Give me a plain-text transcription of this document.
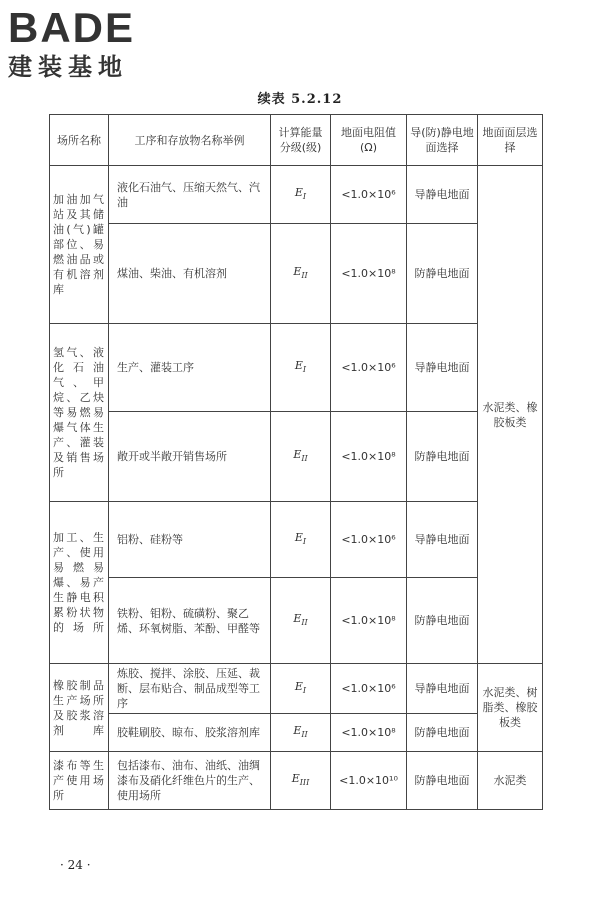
BADE
建装基地
续表 5.2.12
场所名称	工序和存放物名称举例	计算能量分级(级)	地面电阻值(Ω)	导(防)静电地面选择	地面面层选择
加油加气站及其储油(气)罐部位、易燃油品或有机溶剂库	液化石油气、压缩天然气、汽油	$E_I$	<1.0×10⁶	导静电地面	水泥类、橡胶板类
	煤油、柴油、有机溶剂	$E_{II}$	<1.0×10⁸	防静电地面	
氢气、液化石油气、甲烷、乙炔等易燃易爆气体生产、灌装及销售场所	生产、灌装工序	$E_I$	<1.0×10⁶	导静电地面	
	敞开或半敞开销售场所	$E_{II}$	<1.0×10⁸	防静电地面	
加工、生产、使用易燃易爆、易产生静电积累粉状物的场所	铝粉、硅粉等	$E_I$	<1.0×10⁶	导静电地面	
	铁粉、钼粉、硫磺粉、聚乙烯、环氧树脂、苯酚、甲醛等	$E_{II}$	<1.0×10⁸	防静电地面	
橡胶制品生产场所及胶浆溶剂库	炼胶、搅拌、涂胶、压延、裁断、层布贴合、制品成型等工序	$E_I$	<1.0×10⁶	导静电地面	水泥类、树脂类、橡胶板类
	胶鞋刷胶、晾布、胶浆溶剂库	$E_{II}$	<1.0×10⁸	防静电地面	
漆布等生产使用场所	包括漆布、油布、油纸、油绸漆布及硝化纤维色片的生产、使用场所	$E_{III}$	<1.0×10¹⁰	防静电地面	水泥类
· 24 ·
